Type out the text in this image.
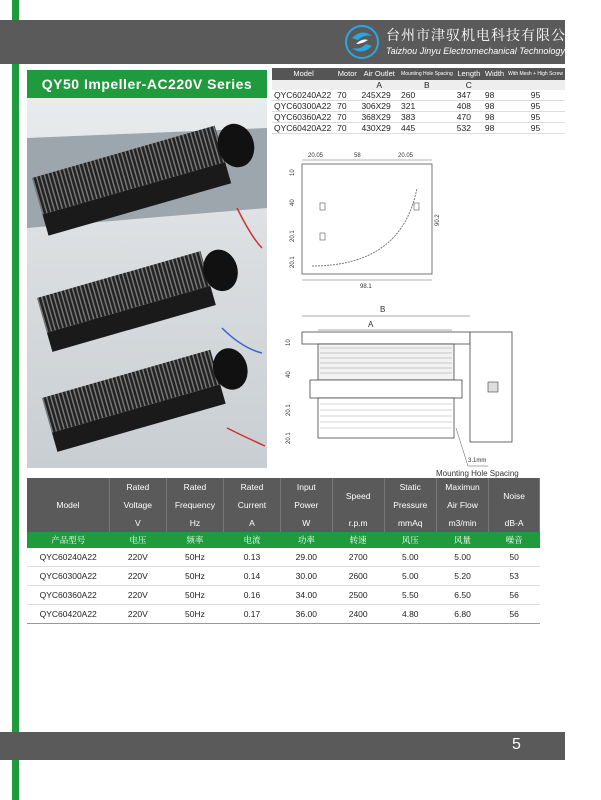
台州市津驭机电科技有限公司
Taizhou Jinyu Electromechanical Technology Co., Ltd.
QY50 Impeller-AC220V Series
Model	Motor	Air Outlet	Mounting Hole Spacing	Length	Width	With Mesh + High Screw
		A	B	C		
QYC60240A22	70	245X29	260	347	98	95
QYC60300A22	70	306X29	321	408	98	95
QYC60360A22	70	368X29	383	470	98	95
QYC60420A22	70	430X29	445	532	98	95
20.05	58	20.05
10
40
20.1
20.1
90.2
98.1
B
A
10
40
20.1
20.1
3.1mm
Mounting Hole Spacing
Model	Rated	Rated	Rated	Input	Speed	Static	Maximun	Noise
	Voltage	Frequency	Current	Power		Pressure	Air Flow	
	V	Hz	A	W	r.p.m	mmAq	m3/min	dB-A
产品型号	电压	频率	电流	功率	转速	风压	风量	噪音
QYC60240A22	220V	50Hz	0.13	29.00	2700	5.00	5.00	50
QYC60300A22	220V	50Hz	0.14	30.00	2600	5.00	5.20	53
QYC60360A22	220V	50Hz	0.16	34.00	2500	5.50	6.50	56
QYC60420A22	220V	50Hz	0.17	36.00	2400	4.80	6.80	56
5
